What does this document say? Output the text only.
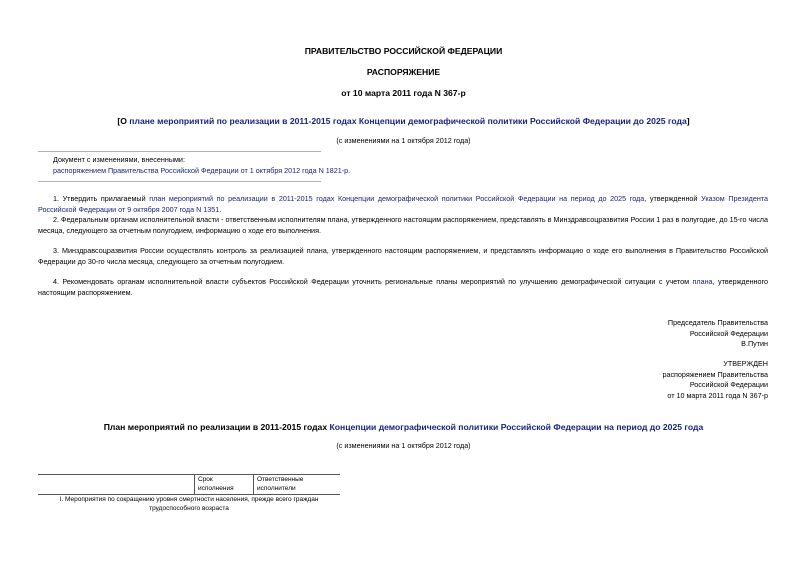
ПРАВИТЕЛЬСТВО РОССИЙСКОЙ ФЕДЕРАЦИИ
РАСПОРЯЖЕНИЕ
от 10 марта 2011 года N 367-р
[О плане мероприятий по реализации в 2011-2015 годах Концепции демографической политики Российской Федерации до 2025 года]
(с изменениями на 1 октября 2012 года)
Документ с изменениями, внесенными:
распоряжением Правительства Российской Федерации от 1 октября 2012 года N 1821-р.
1. Утвердить прилагаемый план мероприятий по реализации в 2011-2015 годах Концепции демографической политики Российской Федерации на период до 2025 года, утвержденной Указом Президента Российской Федерации от 9 октября 2007 года N 1351.
2. Федеральным органам исполнительной власти - ответственным исполнителям плана, утвержденного настоящим распоряжением, представлять в Минздравсоцразвития России 1 раз в полугодие, до 15-го числа месяца, следующего за отчетным полугодием, информацию о ходе его выполнения.
3. Минздравсоцразвития России осуществлять контроль за реализацией плана, утвержденного настоящим распоряжением, и представлять информацию о ходе его выполнения в Правительство Российской Федерации до 30-го числа месяца, следующего за отчетным полугодием.
4. Рекомендовать органам исполнительной власти субъектов Российской Федерации уточнить региональные планы мероприятий по улучшению демографической ситуации с учетом плана, утвержденного настоящим распоряжением.
Председатель Правительства
Российской Федерации
В.Путин
УТВЕРЖДЕН
распоряжением Правительства
Российской Федерации
от 10 марта 2011 года N 367-р
План мероприятий по реализации в 2011-2015 годах Концепции демографической политики Российской Федерации на период до 2025 года
(с изменениями на 1 октября 2012 года)

Срок
исполнения

Ответственные
исполнители

I. Мероприятия по сокращению уровня смертности населения, прежде всего граждан
трудоспособного возраста
